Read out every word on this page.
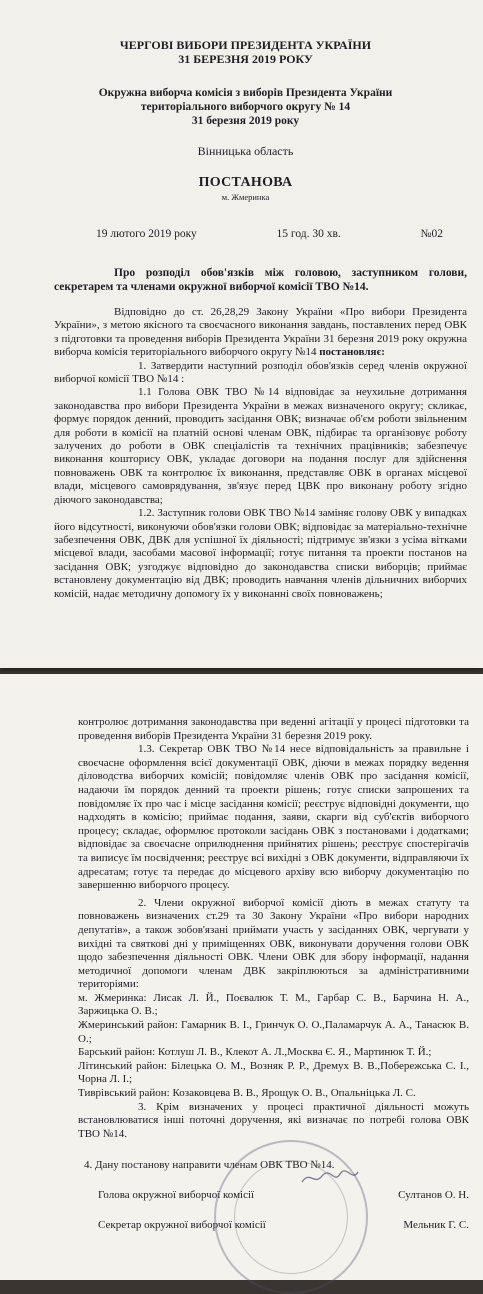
ЧЕРГОВІ ВИБОРИ ПРЕЗИДЕНТА УКРАЇНИ
31 БЕРЕЗНЯ 2019 РОКУ
Окружна виборча комісія з виборів Президента України
територіального виборчого округу № 14
31 березня 2019 року
Вінницька область
ПОСТАНОВА
м. Жмеринка
19 лютого 2019 року	15 год. 30 хв.	№02

Про розподіл обов'язків між головою, заступником голови, секретарем та членами окружної виборчої комісії ТВО №14.

Відповідно до ст. 26,28,29 Закону України «Про вибори Президента України», з метою якісного та своєчасного виконання завдань, поставлених перед ОВК з підготовки та проведення виборів Президента України 31 березня 2019 року окружна виборча комісія територіального виборчого округу №14 постановляє:

1. Затвердити наступний розподіл обов'язків серед членів окружної виборчої комісії ТВО №14 :

1.1 Голова ОВК ТВО №14 відповідає за неухильне дотримання законодавства про вибори Президента України в межах визначеного округу; скликає, формує порядок денний, проводить засідання ОВК; визначає об'єм роботи звільненим для роботи в комісії на платній основі членам ОВК, підбирає та організовує роботу залучених до роботи в ОВК спеціалістів та технічних працівників; забезпечує виконання кошторису ОВК, укладає договори на подання послуг для здійснення повноважень ОВК та контролює їх виконання, представляє ОВК в органах місцевої влади, місцевого самоврядування, зв'язує перед ЦВК про виконану роботу згідно діючого законодавства;

1.2. Заступник голови ОВК ТВО №14 заміняє голову ОВК у випадках його відсутності, виконуючи обов'язки голови ОВК; відповідає за матеріально-технічне забезпечення ОВК, ДВК для успішної їх діяльності; підтримує зв'язки з усіма вітками місцевої влади, засобами масової інформації; готує питання та проекти постанов на засідання ОВК; узгоджує відповідно до законодавства списки виборців; приймає встановлену документацію від ДВК; проводить навчання членів дільничних виборчих комісій, надає методичну допомогу їх у виконанні своїх повноважень;

контролює дотримання законодавства при веденні агітації у процесі підготовки та проведення виборів Президента України 31 березня 2019 року.

1.3. Секретар ОВК ТВО №14 несе відповідальність за правильне і своєчасне оформлення всієї документації ОВК, діючи в межах порядку ведення діловодства виборчих комісій; повідомляє членів ОВК про засідання комісії, надаючи їм порядок денний та проекти рішень; готує списки запрошених та повідомляє їх про час і місце засідання комісії; реєструє відповідні документи, що надходять в комісію; приймає подання, заяви, скарги від суб'єктів виборчого процесу; складає, оформлює протоколи засідань ОВК з постановами і додатками; відповідає за своєчасне оприлюднення прийнятих рішень; реєструє спостерігачів та виписує їм посвідчення; реєструє всі вихідні з ОВК документи, відправляючи їх адресатам; готує та передає до місцевого архіву всю виборчу документацію по завершенню виборчого процесу.

2. Члени окружної виборчої комісії діють в межах статуту та повноважень визначених ст.29 та 30 Закону України «Про вибори народних депутатів», а також зобов'язані приймати участь у засіданнях ОВК, чергувати у вихідні та святкові дні у приміщеннях ОВК, виконувати доручення голови ОВК щодо забезпечення діяльності ОВК. Члени ОВК для збору інформації, надання методичної допомоги членам ДВК закріплюються за адміністративними територіями:

м. Жмеринка: Лисак Л. Й., Поєвалюк Т. М., Гарбар С. В., Барчина Н. А., Заржицька О. В.;

Жмеринський район: Гамарник В. І., Гринчук О. О.,Паламарчук А. А., Танасюк В. О.;

Барський район: Котлуш Л. В., Клекот А. Л.,Москва Є. Я., Мартинюк Т. Й.;

Літинський район: Білецька О. М., Возняк Р. Р., Дремух В. В.,Побережська С. І., Чорна Л. І.;

Тиврівський район: Козаковцева В. В., Ярощук О. В., Опальніцька Л. С.

3. Крім визначених у процесі практичної діяльності можуть встановлюватися інші поточні доручення, які визначає по потребі голова ОВК ТВО №14.

4. Дану постанову направити членам ОВК ТВО №14.

Голова окружної виборчої комісії	Султанов О. Н.
Секретар окружної виборчої комісії	Мельник Г. С.
